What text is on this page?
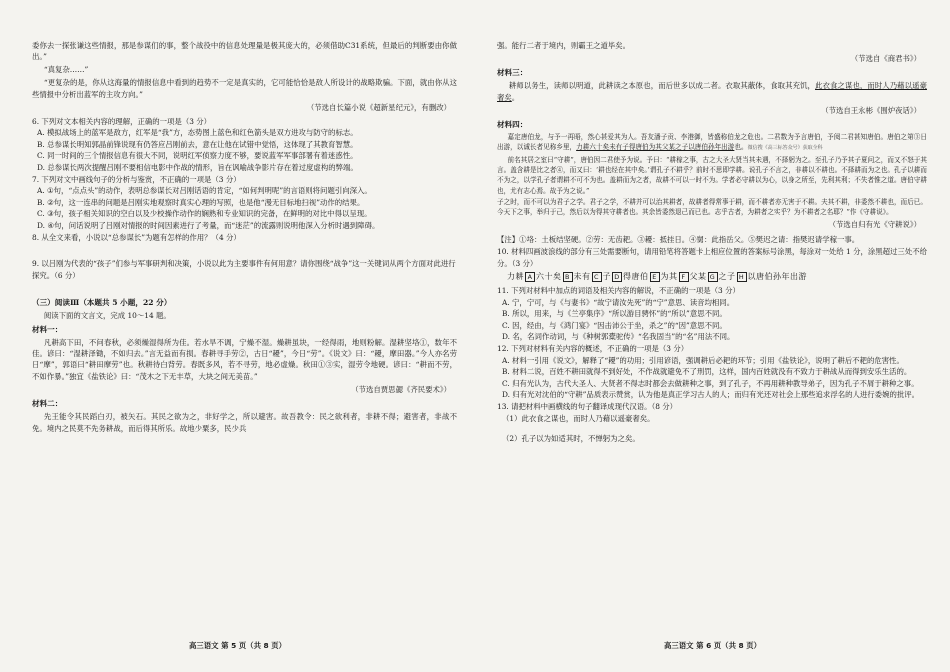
委你去一探张谦这些情报，那是参谋们的事，整个战役中的信息处理量是极其庞大的，必须借助C31系统，但最后的判断要由你做出。”

“真复杂……”

“更复杂的是，你从这海量的情报信息中看到的趋势不一定是真实的，它可能恰恰是敌人所设计的战略欺骗。下面，就由你从这些情报中分析出蓝军的主攻方向。”

（节选自长篇小说《超新星纪元》，有删改）

6. 下列对文本相关内容的理解，正确的一项是（3 分）

A. 模拟战场上的蓝军是敌方，红军是“我”方，态势图上蓝色和红色箭头是双方进攻与防守的标志。

B. 总参谋长明知郭晶前锋说现有仍答应吕刚前去，意在让他在试错中觉悟，这体现了其教育智慧。

C. 同一时间的三个情报信息有很大不同，说明红军侦察力度不够，要说蓝军军事部署有着迷惑性。

D. 总参谋长两次提醒吕刚不要相信电影中作战的情形，旨在讽喻战争影片存在着过度虚构的弊端。

7. 下列对文中画线句子的分析与鉴赏，不正确的一项是（3 分）

A. ①句，“点点头”的动作，表明总参谋长对吕刚话语的肯定，“如何判明呢”的言语则将问题引向深入。

B. ②句，这一连串的问题是吕刚实地观察时真实心理的写照，也是他“漫无目标地扫视”动作的结果。

C. ③句，孩子相关知识的空白以及少校操作动作的娴熟和专业知识的完备，在鲜明的对比中得以呈现。

D. ④句，问话说明了吕刚对情报的时间因素进行了考量，而“迷茫”的流露则说明他深入分析时遇到障碍。

8. 从全文来看，小说以“总参谋长”为题有怎样的作用？（4 分）

9. 以吕刚为代表的“孩子”们参与军事研判和决策，小说以此为主要事件有何用意？请你围绕“战争”这一关键词从两个方面对此进行探究。（6 分）

（三）阅读Ⅲ（本题共 5 小题，22 分）

阅读下面的文言文，完成 10～14 题。

材料一：

凡耕高下田，不问春秋，必须燥湿得所为佳。若水旱不调，宁燥不湿。燥耕虽块，一经得雨，地则粉解。湿耕坚垎①，数年不佳。谚曰：“湿耕泽锄，不如归去。”言无益而有损。春耕寻手劳②，古日“耰”，今日“劳”。《说文》曰：“耰，摩田器。”今人亦名劳日“摩”，郭语曰“耕田摩劳”也。秋耕待白背劳。春既多风，若不寻劳，地必虚燥。秋田①③实，湿劳令地硬。谚曰：“耕而不劳，不如作暴。”独宜《盐铁论》曰：“茂木之下无丰草，大块之间无美苗。”

（节选自贾思勰《齐民要术》）

材料二：

先王能令其民蹈白刃，被矢石。其民之欲为之，非好学之，所以避害。故吾教令：民之欲利者，非耕不得；避害者，非战不免。境内之民莫不先务耕战，而后得其所乐。故地少粟多，民少兵

高三语文 第 5 页（共 8 页）

强。能行二者于境内，则霸王之道毕矣。

（节选自《商君书》）

材料三：

耕师以务生，读师以明道，此耕读之本原也，而后世多以成二者。衣取其蔽体，食取其充饥，此衣食之谋也，而时人乃藉以遥豪奢矣。

（节选自王永彬《围炉夜话》）

材料四：

嘉定唐伯龙，与予一再晤，然心甚爱其为人。吾友潘子贡、李港御，皆盛称伯龙之危也。二君数为予言唐伯，予阅二君甚知唐伯。唐伯之第③日出游，以诚长者见称乡里，力耕六十矣未有子得唐伯为其父某之子以唐伯孙年出游也。微信搜《高三标答众号》获取全科

前名其居之室曰“守耕”，唐伯因二君使予为说。予曰：“耕稼之事，古之大圣大贤当其未遇，不择躬为之。至孔子乃予其子夏问之，而又不怒于其言。盖含耕是比之者④，而又曰：‘耕也经在其中矣。’谓孔子不耕乎？前时不思即学耕。说孔子不言之，非耕以不耕也。不择耕而为之也。孔子以耕而不为之，以学孔子者谓耕不可不为也。盖耕而为之者，故耕不可以一时不为。学者必守耕以为心，以身之所至，先利其利；不失者惟之道。唐伯守耕也，尤有志心焉。故予为之说。”

子之时，而不可以为君子之学。君子之学，不耕并可以治其耕者，故耕者得常事于耕，而不耕者亦无害于不耕。夫其不耕，非委然不耕也，而后已。今天下之事，举归于己，然后以为得其守耕者也。其余皆委然退己而已也。志乎古者，为耕者之实乎？为不耕者之名耶？”作《守耕说》。

（节选自归有光《守耕说》）

【注】①垎：土板结坚硬。②劳：无齿耙。③耰：抵挂日。④舅：此指岳父。⑤樊迟之请：指樊迟请学稼一事。

10. 材料四画波浪线的部分有三处需要断句，请用铅笔将答题卡上相应位置的答案标号涂黑，每涂对一处给 1 分，涂黑超过三处不给分。（3 分）

力耕 A 六十矣 B 未有 C 子 D 得唐伯 E 为其 F 父某 G 之子 H 以唐伯孙年出游

11. 下列对材料中加点的词语及相关内容的解说，不正确的一项是（3 分）

A. 宁，宁可，与《与妻书》“故宁请汝先死”的“宁”意思、读音均相同。

B. 所以，用来，与《兰亭集序》“所以游目骋怀”的“所以”意思不同。

C. 因，经由，与《鸿门宴》“因击沛公于坐，杀之”的“因”意思不同。

D. 名，名词作动词，与《种树郭橐驼传》“名我固当”的“名”用法不同。

12. 下列对材料有关内容的概述，不正确的一项是（3 分）

A. 材料一引用《说文》，解释了“耰”的功用；引用谚语，强调耕后必耙的环节；引用《盐铁论》，说明了耕后不耙的危害性。

B. 材料二说，百姓不耕田就得不到好处，不作战就避免不了刑罚，这样，国内百姓就没有不致力于耕战从而得到安乐生活的。

C. 归有光认为，古代大圣人、大贤者不得志时都会去做耕种之事，到了孔子，不再用耕种教导弟子，因为孔子不屑于耕种之事。

D. 归有光对沈伯的“守耕”品质表示赞赏，认为他是真正学习古人的人；而归有光还对社会上那些追求浮名的人进行委婉的批评。

13. 请把材料中画横线的句子翻译成现代汉语。（8 分）

（1）此衣食之谋也，而时人乃藉以遥豪奢矣。

（2）孔子以为如适其时，不惮躬为之矣。

高三语文 第 6 页（共 8 页）
